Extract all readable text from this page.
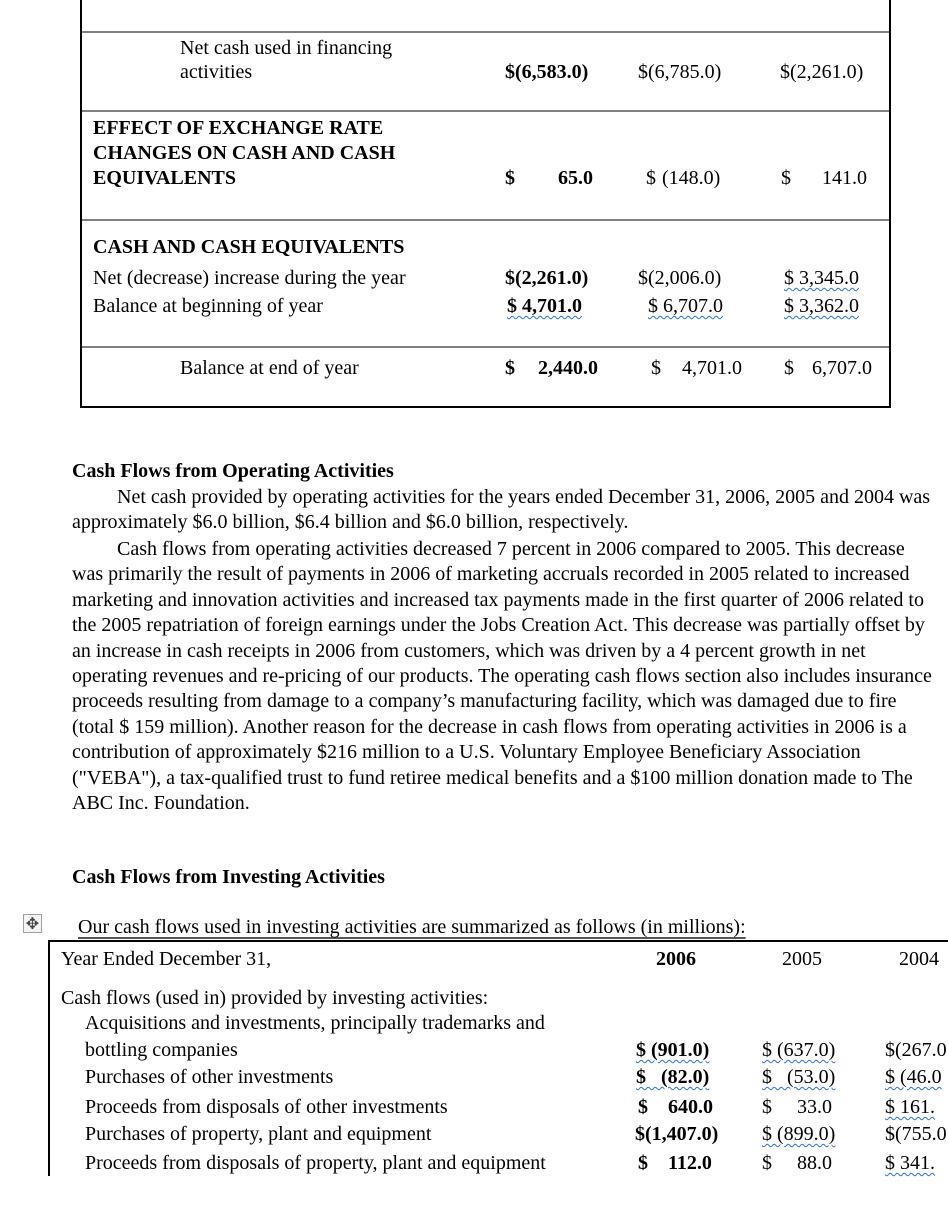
Net cash used in financing
activities	$(6,583.0) $(6,785.0)	$(2,261.0)
EFFECT OF EXCHANGE RATE
CHANGES ON CASH AND CASH
EQUIVALENTS	$ 65.0	$ (148.0)	$ 141.0
CASH AND CASH EQUIVALENTS
Net (decrease) increase during the year	$(2,261.0) $(2,006.0)	$ 3,345.0
Balance at beginning of year	$ 4,701.0	$ 6,707.0	$ 3,362.0
Balance at end of year	$ 2,440.0	$ 4,701.0 $ 6,707.0
Cash Flows from Operating Activities
Net cash provided by operating activities for the years ended December 31, 2006, 2005 and 2004 was approximately $6.0 billion, $6.4 billion and $6.0 billion, respectively.
Cash flows from operating activities decreased 7 percent in 2006 compared to 2005. This decrease was primarily the result of payments in 2006 of marketing accruals recorded in 2005 related to increased marketing and innovation activities and increased tax payments made in the first quarter of 2006 related to the 2005 repatriation of foreign earnings under the Jobs Creation Act. This decrease was partially offset by an increase in cash receipts in 2006 from customers, which was driven by a 4 percent growth in net operating revenues and re-pricing of our products. The operating cash flows section also includes insurance proceeds resulting from damage to a company’s manufacturing facility, which was damaged due to fire (total $ 159 million). Another reason for the decrease in cash flows from operating activities in 2006 is a contribution of approximately $216 million to a U.S. Voluntary Employee Beneficiary Association ("VEBA"), a tax-qualified trust to fund retiree medical benefits and a $100 million donation made to The ABC Inc. Foundation.
Cash Flows from Investing Activities
✥ Our cash flows used in investing activities are summarized as follows (in millions):
Year Ended December 31,	2006	2005	2004
Cash flows (used in) provided by investing activities:
Acquisitions and investments, principally trademarks and
bottling companies	$ (901.0)	$ (637.0) $(267.0
Purchases of other investments	$   (82.0)	$   (53.0) $ (46.0
Proceeds from disposals of other investments	$    640.0 $     33.0	$ 161.
Purchases of property, plant and equipment	$(1,407.0) $ (899.0) $(755.0
Proceeds from disposals of property, plant and equipment	$    112.0	$     88.0	$ 341.
